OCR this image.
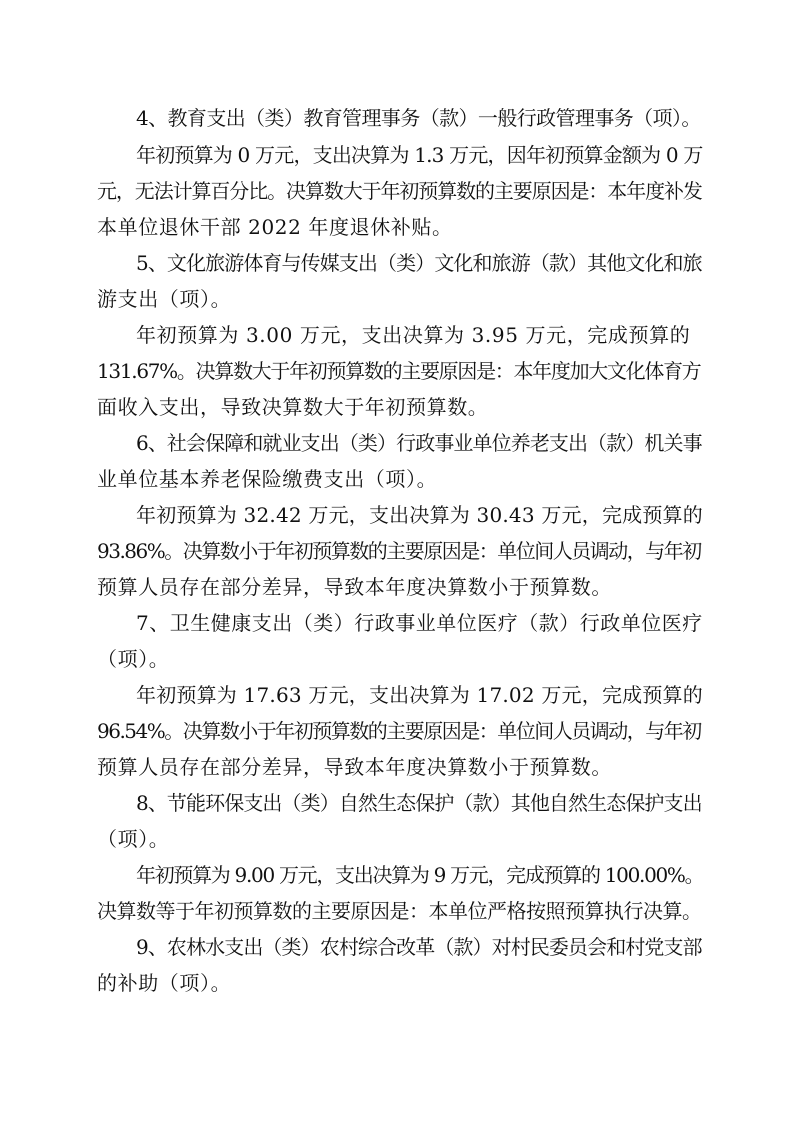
4、教育支出（类）教育管理事务（款）一般行政管理事务（项）。
年初预算为 0 万元，支出决算为 1.3 万元，因年初预算金额为 0 万
元，无法计算百分比。决算数大于年初预算数的主要原因是：本年度补发
本单位退休干部 2022 年度退休补贴。
5、文化旅游体育与传媒支出（类）文化和旅游（款）其他文化和旅
游支出（项）。
年初预算为 3.00 万元，支出决算为 3.95 万元，完成预算的
131.67%。决算数大于年初预算数的主要原因是：本年度加大文化体育方
面收入支出，导致决算数大于年初预算数。
6、社会保障和就业支出（类）行政事业单位养老支出（款）机关事
业单位基本养老保险缴费支出（项）。
年初预算为 32.42 万元，支出决算为 30.43 万元，完成预算的
93.86%。决算数小于年初预算数的主要原因是：单位间人员调动，与年初
预算人员存在部分差异，导致本年度决算数小于预算数。
7、卫生健康支出（类）行政事业单位医疗（款）行政单位医疗
（项）。
年初预算为 17.63 万元，支出决算为 17.02 万元，完成预算的
96.54%。决算数小于年初预算数的主要原因是：单位间人员调动，与年初
预算人员存在部分差异，导致本年度决算数小于预算数。
8、节能环保支出（类）自然生态保护（款）其他自然生态保护支出
（项）。
年初预算为 9.00 万元，支出决算为 9 万元，完成预算的 100.00%。
决算数等于年初预算数的主要原因是：本单位严格按照预算执行决算。
9、农林水支出（类）农村综合改革（款）对村民委员会和村党支部
的补助（项）。
